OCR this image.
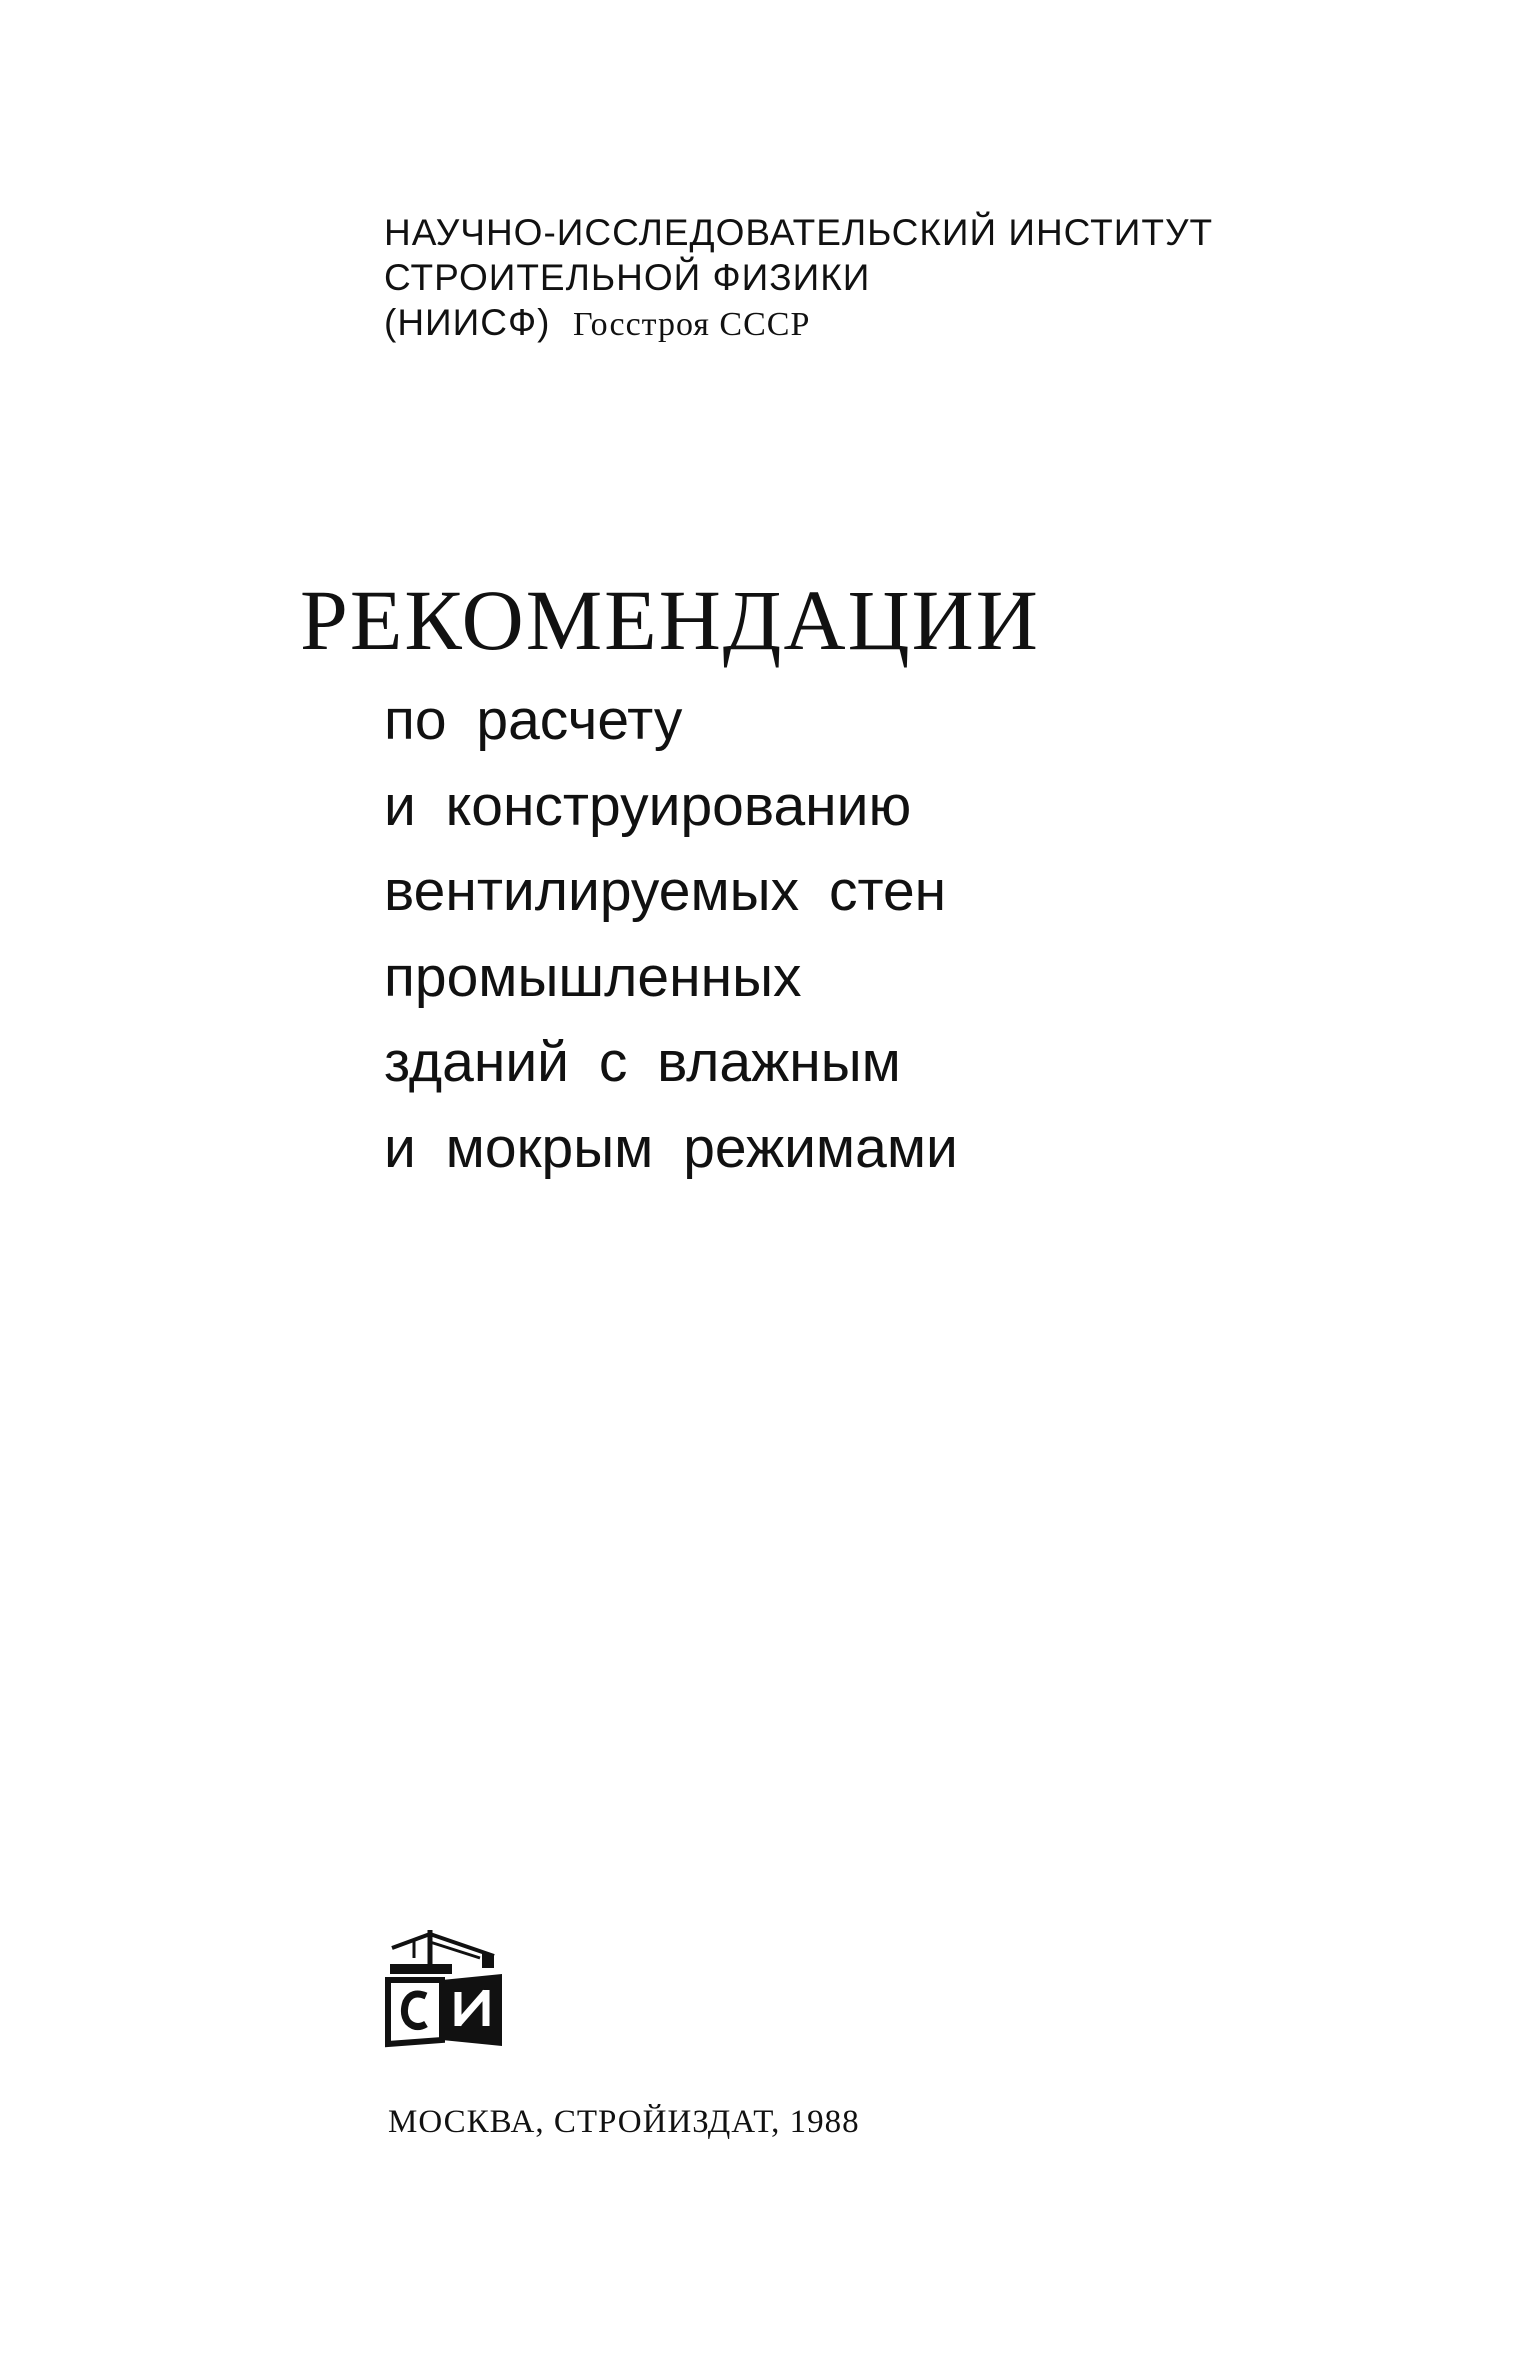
НАУЧНО-ИССЛЕДОВАТЕЛЬСКИЙ ИНСТИТУТ
СТРОИТЕЛЬНОЙ ФИЗИКИ
(НИИСФ) Госстроя СССР
РЕКОМЕНДАЦИИ
по расчету
и конструированию
вентилируемых стен
промышленных
зданий с влажным
и мокрым режимами
МОСКВА, СТРОЙИЗДАТ, 1988
